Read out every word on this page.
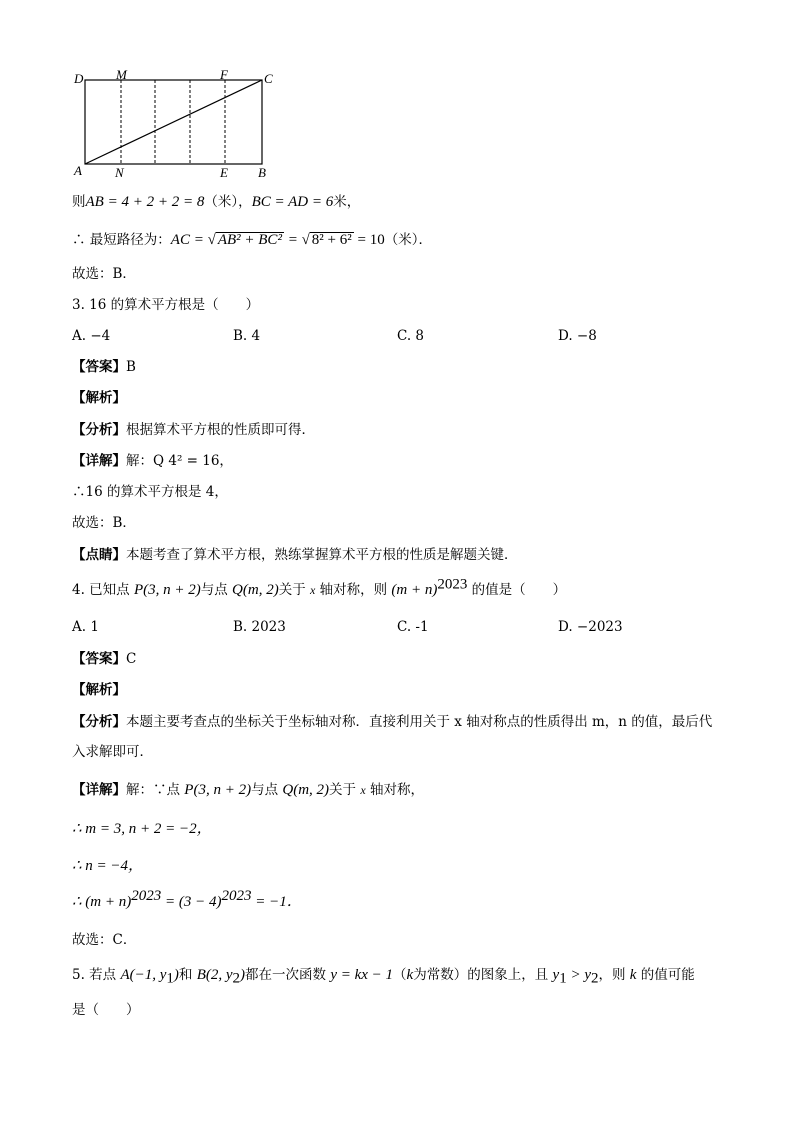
D	M	F	C
A	N	E B
则AB = 4 + 2 + 2 = 8（米），BC = AD = 6米，
∴ 最短路径为：AC = √ AB² + BC² = √ 8² + 6² = 10（米）．
故选：B．
3. 16 的算术平方根是（　　）
A. −4	B. 4	C. 8	D. −8
【答案】B
【解析】
【分析】根据算术平方根的性质即可得．
【详解】解：Q 4² = 16，
∴16 的算术平方根是 4，
故选：B．
【点睛】本题考查了算术平方根，熟练掌握算术平方根的性质是解题关键．
4. 已知点 P(3, n + 2)与点 Q(m, 2)关于 x 轴对称，则 $(m + n)^{2023}$ 的值是（　　）
A. 1	B. 2023	C. -1	D. −2023
【答案】C
【解析】
【分析】本题主要考查点的坐标关于坐标轴对称．直接利用关于 x 轴对称点的性质得出 m，n 的值，最后代
入求解即可．
【详解】解：∵点 P(3, n + 2)与点 Q(m, 2)关于 x 轴对称，
∴ m = 3, n + 2 = −2，
∴ n = −4，
∴ $(m + n)^{2023} = (3 - 4)^{2023} = -1$．
故选：C．
5. 若点 A(−1, $y_1$)和 B(2, $y_2$)都在一次函数 y = kx − 1（k为常数）的图象上，且 $y_1 > y_2$，则 k 的值可能
是（　　）
